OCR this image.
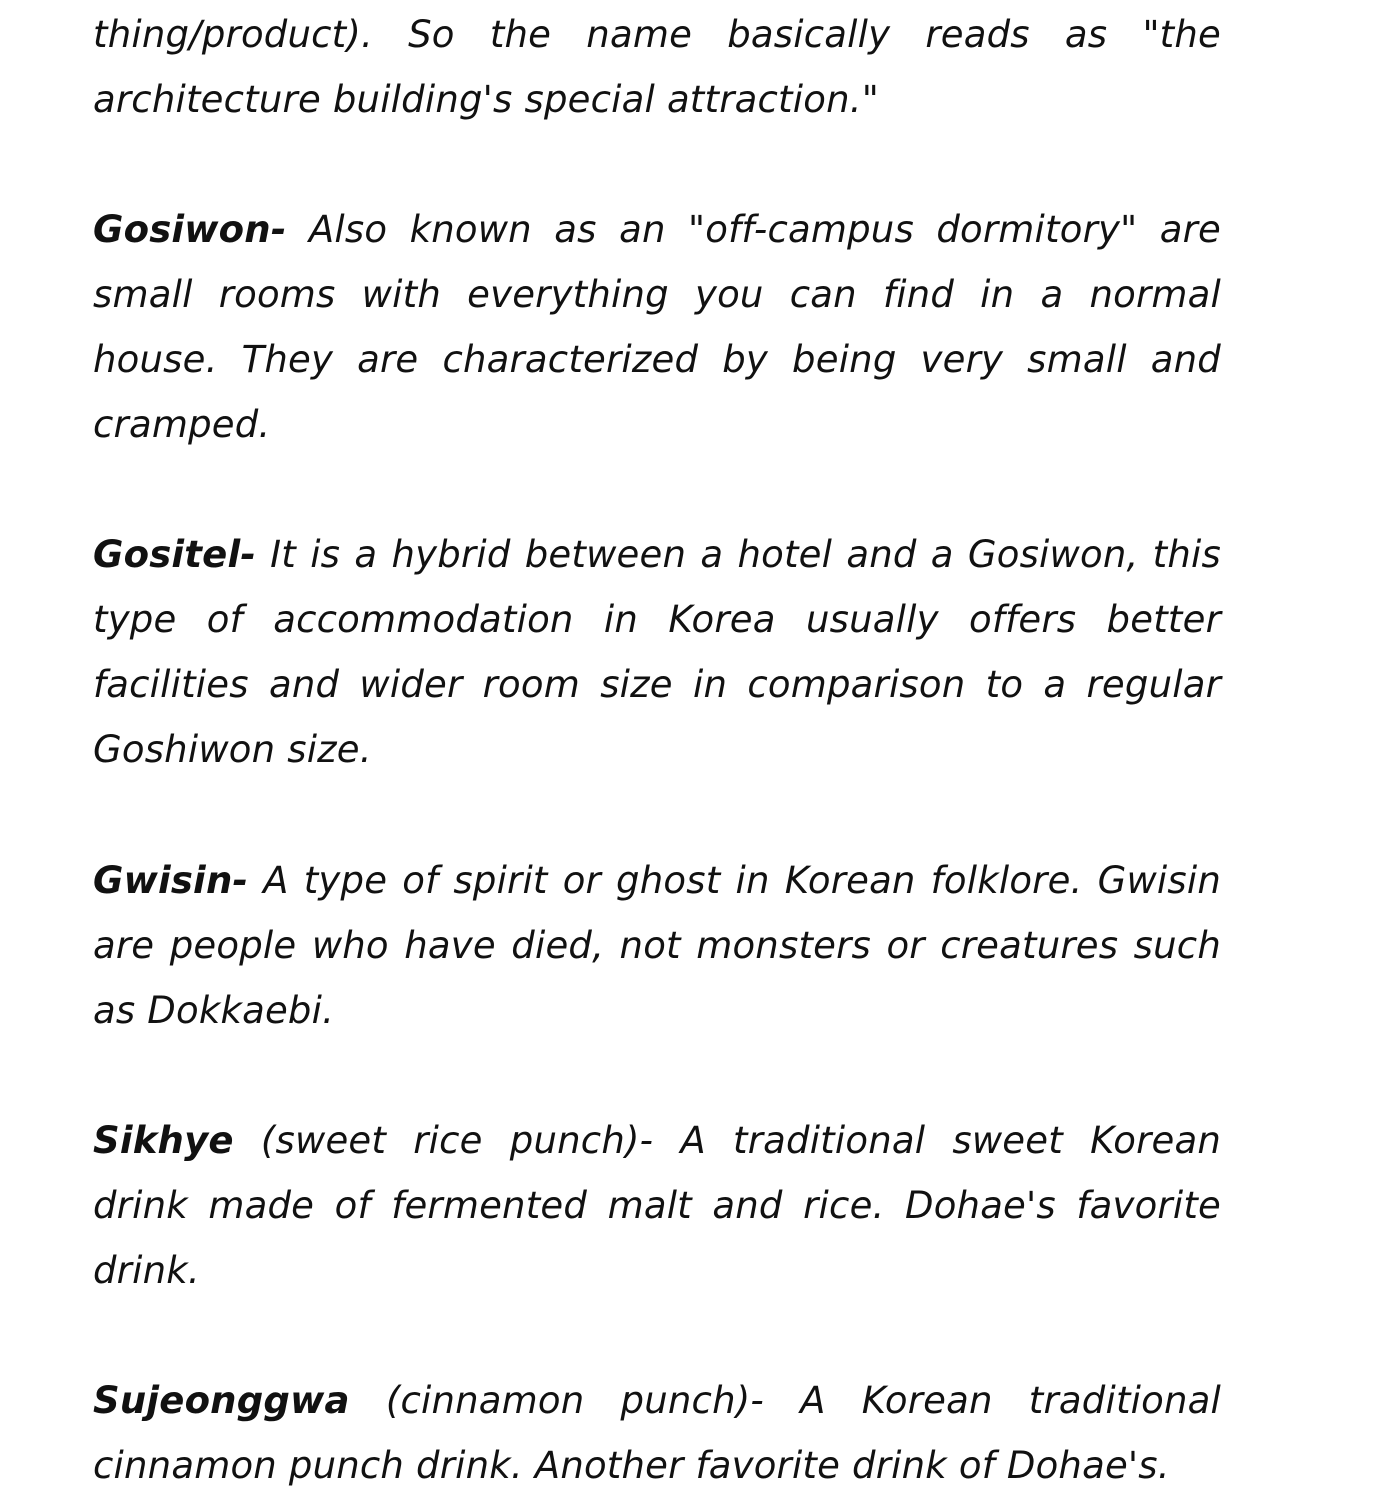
thing/product). So the name basically reads as "the architecture building's special attraction."

Gosiwon- Also known as an "off-campus dormitory" are small rooms with everything you can find in a normal house. They are characterized by being very small and cramped.

Gositel- It is a hybrid between a hotel and a Gosiwon, this type of accommodation in Korea usually offers better facilities and wider room size in comparison to a regular Goshiwon size.

Gwisin- A type of spirit or ghost in Korean folklore. Gwisin are people who have died, not monsters or creatures such as Dokkaebi.

Sikhye (sweet rice punch)- A traditional sweet Korean drink made of fermented malt and rice. Dohae's favorite drink.

Sujeonggwa (cinnamon punch)- A Korean traditional cinnamon punch drink. Another favorite drink of Dohae's.
